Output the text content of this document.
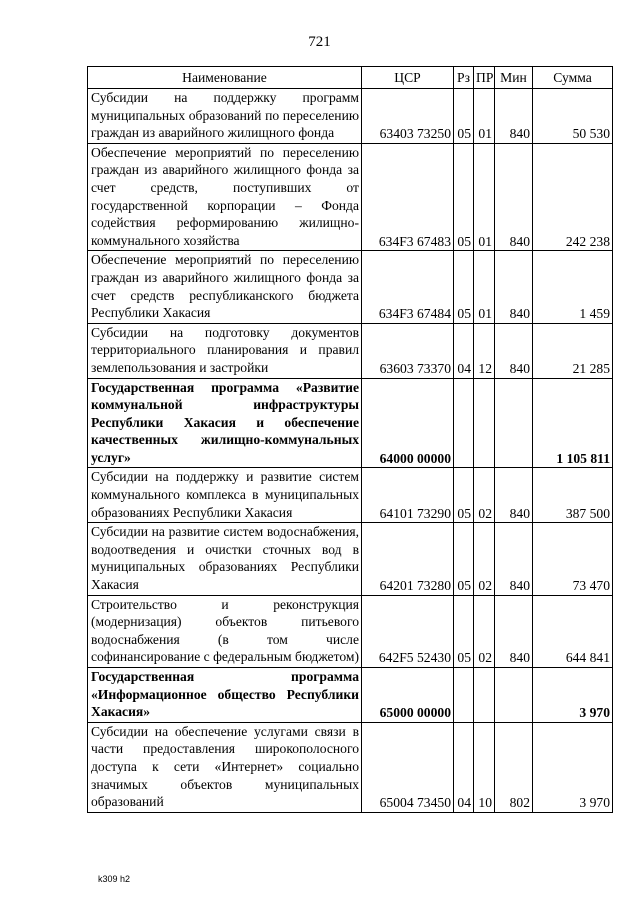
721
Наименование	ЦСР	Рз	ПР	Мин	Сумма
Субсидии на поддержку программ муниципальных образований по переселению граждан из аварийного жилищного фонда	63403 73250	05	01	840	50 530
Обеспечение мероприятий по переселению граждан из аварийного жилищного фонда за счет средств, поступивших от государственной корпорации – Фонда содействия реформированию жилищно-коммунального хозяйства	634F3 67483	05	01	840	242 238
Обеспечение мероприятий по переселению граждан из аварийного жилищного фонда за счет средств республиканского бюджета Республики Хакасия	634F3 67484	05	01	840	1 459
Субсидии на подготовку документов территориального планирования и правил землепользования и застройки	63603 73370	04	12	840	21 285
Государственная программа «Развитие коммунальной инфраструктуры Республики Хакасия и обеспечение качественных жилищно-коммунальных услуг»	64000 00000				1 105 811
Субсидии на поддержку и развитие систем коммунального комплекса в муниципальных образованиях Республики Хакасия	64101 73290	05	02	840	387 500
Субсидии на развитие систем водоснабжения, водоотведения и очистки сточных вод в муниципальных образованиях Республики Хакасия	64201 73280	05	02	840	73 470
Строительство и реконструкция (модернизация) объектов питьевого водоснабжения (в том числе софинансирование с федеральным бюджетом)	642F5 52430	05	02	840	644 841
Государственная программа «Информационное общество Республики Хакасия»	65000 00000				3 970
Субсидии на обеспечение услугами связи в части предоставления широкополосного доступа к сети «Интернет» социально значимых объектов муниципальных образований	65004 73450	04	10	802	3 970
k309 h2
